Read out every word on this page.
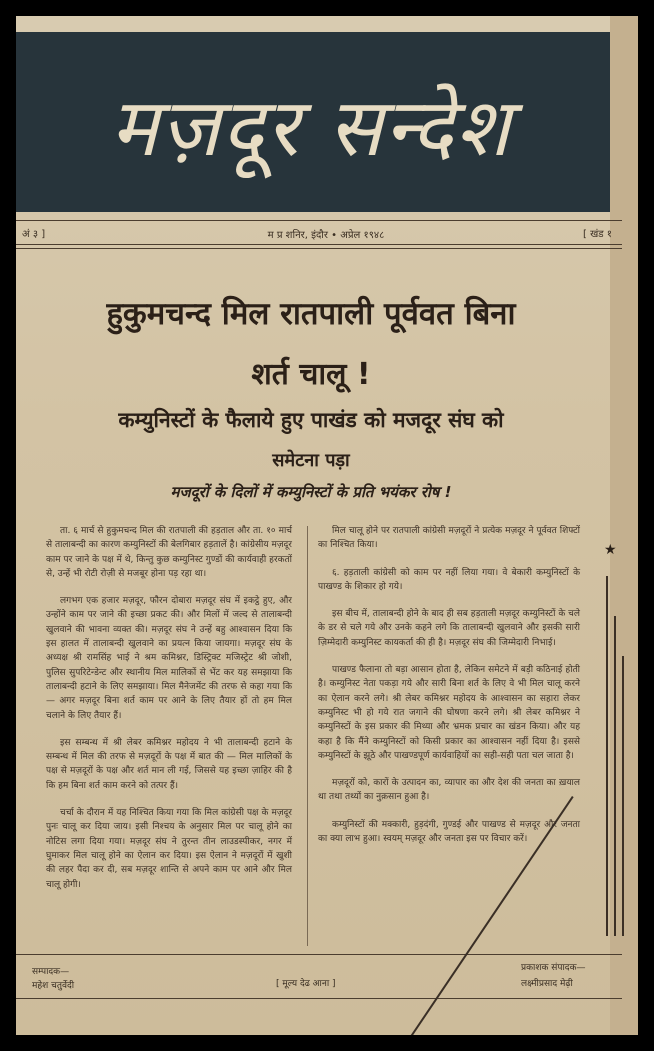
मज़दूर सन्देश
अं ३ ]	म प्र शनिर, इंदौर • अप्रेल १९४८	[ खंड १
हुकुमचन्द मिल रातपाली पूर्ववत बिना
शर्त चालू !
कम्युनिस्टों के फैलाये हुए पाखंड को मजदूर संघ को
समेटना पड़ा
मजदूरों के दिलों में कम्युनिस्टों के प्रति भयंकर रोष !

ता. ६ मार्च से हुकुमचन्द मिल की रातपाली की हड़ताल और ता. १० मार्च से तालाबन्दी का कारण कम्युनिस्टों की बेलगिबार हड़तालें है। कांग्रेसीय मज़दूर काम पर जाने के पक्ष में थे, किन्तु कुछ कम्युनिस्ट गुण्डों की कार्यवाही हरकतों से, उन्हें भी रोटी रोज़ी से मजबूर होना पड़ रहा था।

लगभग एक हजार मज़दूर, फौरन दोबारा मज़दूर संघ में इकट्ठे हुए, और उन्होंने काम पर जाने की इच्छा प्रकट की। और मिलों में जल्द से तालाबन्दी खुलवाने की भावना व्यक्त की। मज़दूर संघ ने उन्हें बहु आश्वासन दिया कि इस हालत में तालाबन्दी खुलवाने का प्रयत्न किया जायगा। मज़दूर संघ के अध्यक्ष श्री रामसिंह भाई ने श्रम कमिश्नर, डिस्ट्रिक्ट मजिस्ट्रेट श्री जोशी, पुलिस सुपरिटेन्डेन्ट और स्थानीय मिल मालिकों से भेंट कर यह समझाया कि तालाबन्दी हटाने के लिए समझाया। मिल मैनेजमेंट की तरफ से कहा गया कि — अगर मज़दूर बिना शर्त काम पर आने के लिए तैयार हों तो हम मिल चलाने के लिए तैयार हैं।

इस सम्बन्ध में श्री लेबर कमिश्नर महोदय ने भी तालाबन्दी हटाने के सम्बन्ध में मिल की तरफ से मज़दूरों के पक्ष में बात की — मिल मालिकों के पक्ष से मज़दूरों के पक्ष और शर्त मान ली गई, जिससे यह इच्छा ज़ाहिर की है कि हम बिना शर्त काम करने को तत्पर हैं।

चर्चा के दौरान में यह निश्चित किया गया कि मिल कांग्रेसी पक्ष के मज़दूर पुनः चालू कर दिया जाय। इसी निश्चय के अनुसार मिल पर चालू होने का नोटिस लगा दिया गया। मज़दूर संघ ने तुरन्त तीन लाउडस्पीकर, नगर में घुमाकर मिल चालू होने का ऐलान कर दिया। इस ऐलान ने मज़दूरों में खुशी की लहर पैदा कर दी, सब मज़दूर शान्ति से अपने काम पर आने और मिल चालू होगी।

मिल चालू होने पर रातपाली कांग्रेसी मज़दूरों ने प्रत्येक मज़दूर ने पूर्ववत शिफ्टों का निश्चित किया।

६. हड़ताली कांग्रेसी को काम पर नहीं लिया गया। वे बेकारी कम्युनिस्टों के पाखण्ड के शिकार हो गये।

इस बीच में, तालाबन्दी होने के बाद ही सब हड़ताली मज़दूर कम्युनिस्टों के चले के डर से चले गये और उनके कहने लगे कि तालाबन्दी खुलवाने और इसकी सारी ज़िम्मेदारी कम्युनिस्ट कायकर्ता की ही है। मज़दूर संघ की जिम्मेदारी निभाई।

पाखण्ड फैलाना तो बड़ा आसान होता है, लेकिन समेटने में बड़ी कठिनाई होती है। कम्युनिस्ट नेता पकड़ा गये और सारी बिना शर्त के लिए वे भी मिल चालू करने का ऐलान करने लगे। श्री लेबर कमिश्नर महोदय के आश्वासन का सहारा लेकर कम्युनिस्ट भी हो गये रात जगाने की घोषणा करने लगे। श्री लेबर कमिश्नर ने कम्युनिस्टों के इस प्रकार की मिथ्या और भ्रमक प्रचार का खंडन किया। और यह कहा है कि मैंने कम्युनिस्टों को किसी प्रकार का आश्वासन नहीं दिया है। इससे कम्युनिस्टों के झूठे और पाखण्डपूर्ण कार्यवाहियों का सही-सही पता चल जाता है।

मज़दूरों को, कारों के उत्पादन का, व्यापार का और देश की जनता का ख़याल था तथा तथ्यों का नुक़सान हुआ है।

कम्युनिस्टों की मक्कारी, हुड़दंगी, गुण्डई और पाखण्ड से मज़दूर और जनता का क्या लाभ हुआ। स्वयम् मज़दूर और जनता इस पर विचार करें।

★
सम्पादक—
महेश चतुर्वेदी	[ मूल्य देढ आना ]
प्रकाशक संपादक—
लक्ष्मीप्रसाद मेढ़ी
